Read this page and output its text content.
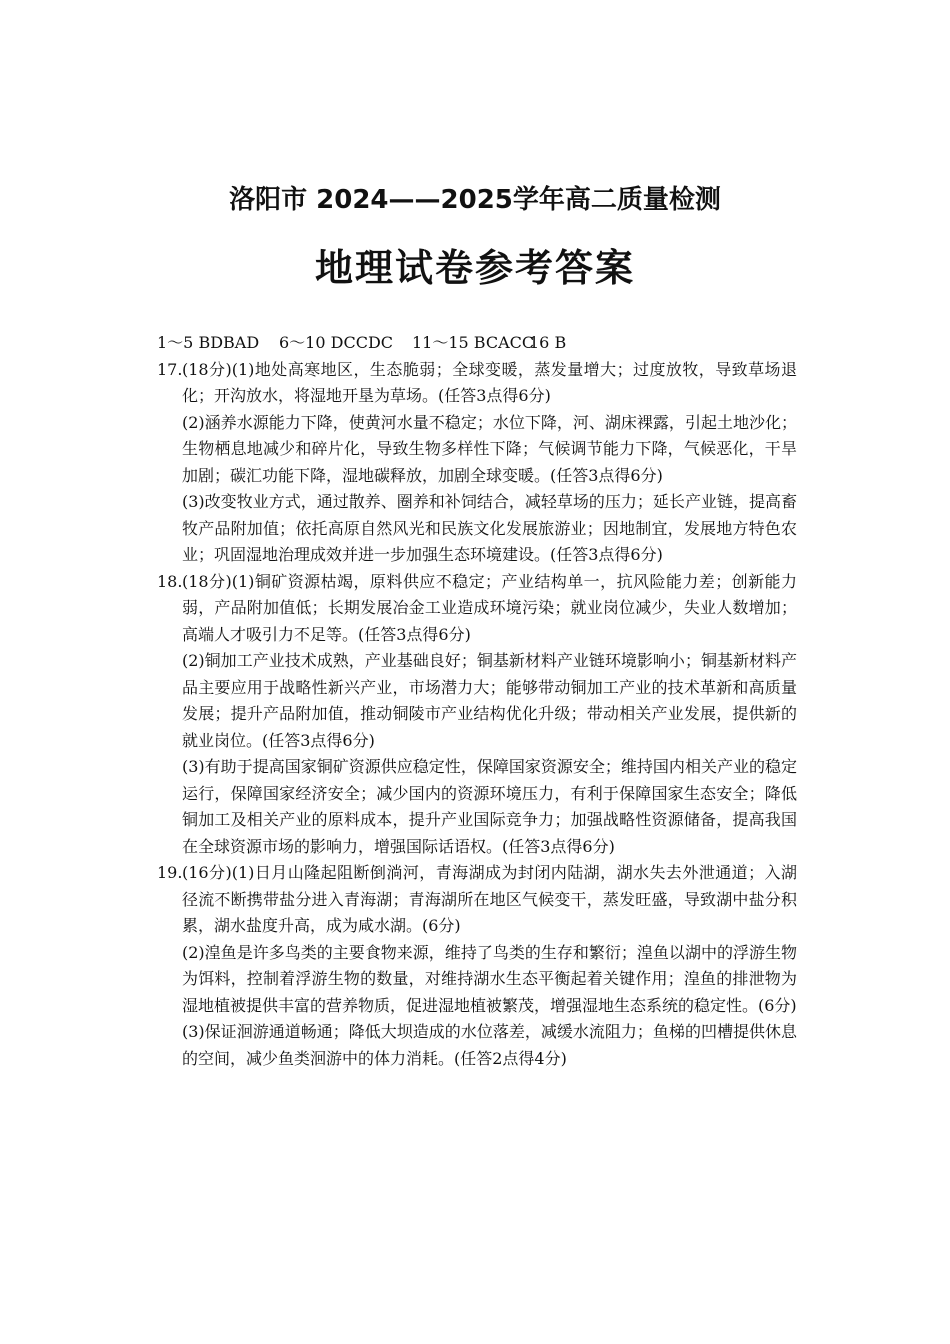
洛阳市 2024——2025学年高二质量检测
地理试卷参考答案
1～5 BDBAD 6～10 DCCDC 11～15 BCACC16 B
17. (18分)(1)地处高寒地区，生态脆弱；全球变暖，蒸发量增大；过度放牧，导致草场退化；开沟放水，将湿地开垦为草场。(任答3点得6分)

(2)涵养水源能力下降，使黄河水量不稳定；水位下降，河、湖床裸露，引起土地沙化；生物栖息地减少和碎片化，导致生物多样性下降；气候调节能力下降，气候恶化，干旱加剧；碳汇功能下降，湿地碳释放，加剧全球变暖。(任答3点得6分)

(3)改变牧业方式，通过散养、圈养和补饲结合，减轻草场的压力；延长产业链，提高畜牧产品附加值；依托高原自然风光和民族文化发展旅游业；因地制宜，发展地方特色农业；巩固湿地治理成效并进一步加强生态环境建设。(任答3点得6分)

18. (18分)(1)铜矿资源枯竭，原料供应不稳定；产业结构单一，抗风险能力差；创新能力弱，产品附加值低；长期发展冶金工业造成环境污染；就业岗位减少，失业人数增加；高端人才吸引力不足等。(任答3点得6分)

(2)铜加工产业技术成熟，产业基础良好；铜基新材料产业链环境影响小；铜基新材料产品主要应用于战略性新兴产业，市场潜力大；能够带动铜加工产业的技术革新和高质量发展；提升产品附加值，推动铜陵市产业结构优化升级；带动相关产业发展，提供新的就业岗位。(任答3点得6分)

(3)有助于提高国家铜矿资源供应稳定性，保障国家资源安全；维持国内相关产业的稳定运行，保障国家经济安全；减少国内的资源环境压力，有利于保障国家生态安全；降低铜加工及相关产业的原料成本，提升产业国际竞争力；加强战略性资源储备，提高我国在全球资源市场的影响力，增强国际话语权。(任答3点得6分)

19. (16分)(1)日月山隆起阻断倒淌河，青海湖成为封闭内陆湖，湖水失去外泄通道；入湖径流不断携带盐分进入青海湖；青海湖所在地区气候变干，蒸发旺盛，导致湖中盐分积累，湖水盐度升高，成为咸水湖。(6分)

(2)湟鱼是许多鸟类的主要食物来源，维持了鸟类的生存和繁衍；湟鱼以湖中的浮游生物为饵料，控制着浮游生物的数量，对维持湖水生态平衡起着关键作用；湟鱼的排泄物为湿地植被提供丰富的营养物质，促进湿地植被繁茂，增强湿地生态系统的稳定性。(6分)

(3)保证洄游通道畅通；降低大坝造成的水位落差，减缓水流阻力；鱼梯的凹槽提供休息的空间，减少鱼类洄游中的体力消耗。(任答2点得4分)
